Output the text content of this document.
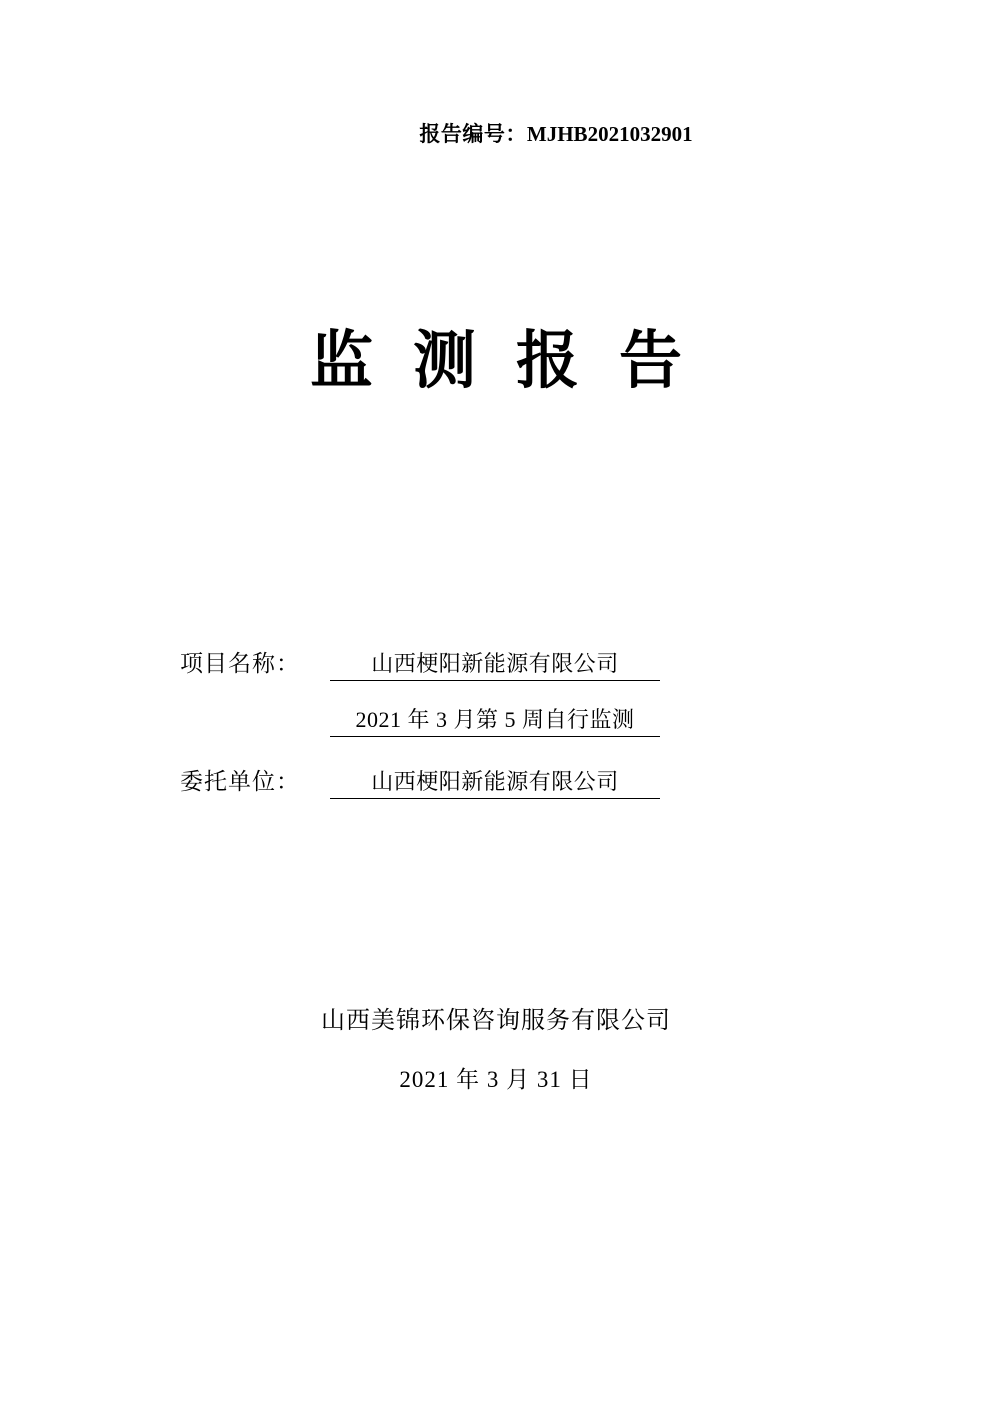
报告编号：MJHB2021032901
监测报告
项目名称：	山西梗阳新能源有限公司
2021 年 3 月第 5 周自行监测
委托单位：	山西梗阳新能源有限公司
山西美锦环保咨询服务有限公司
2021 年 3 月 31 日
